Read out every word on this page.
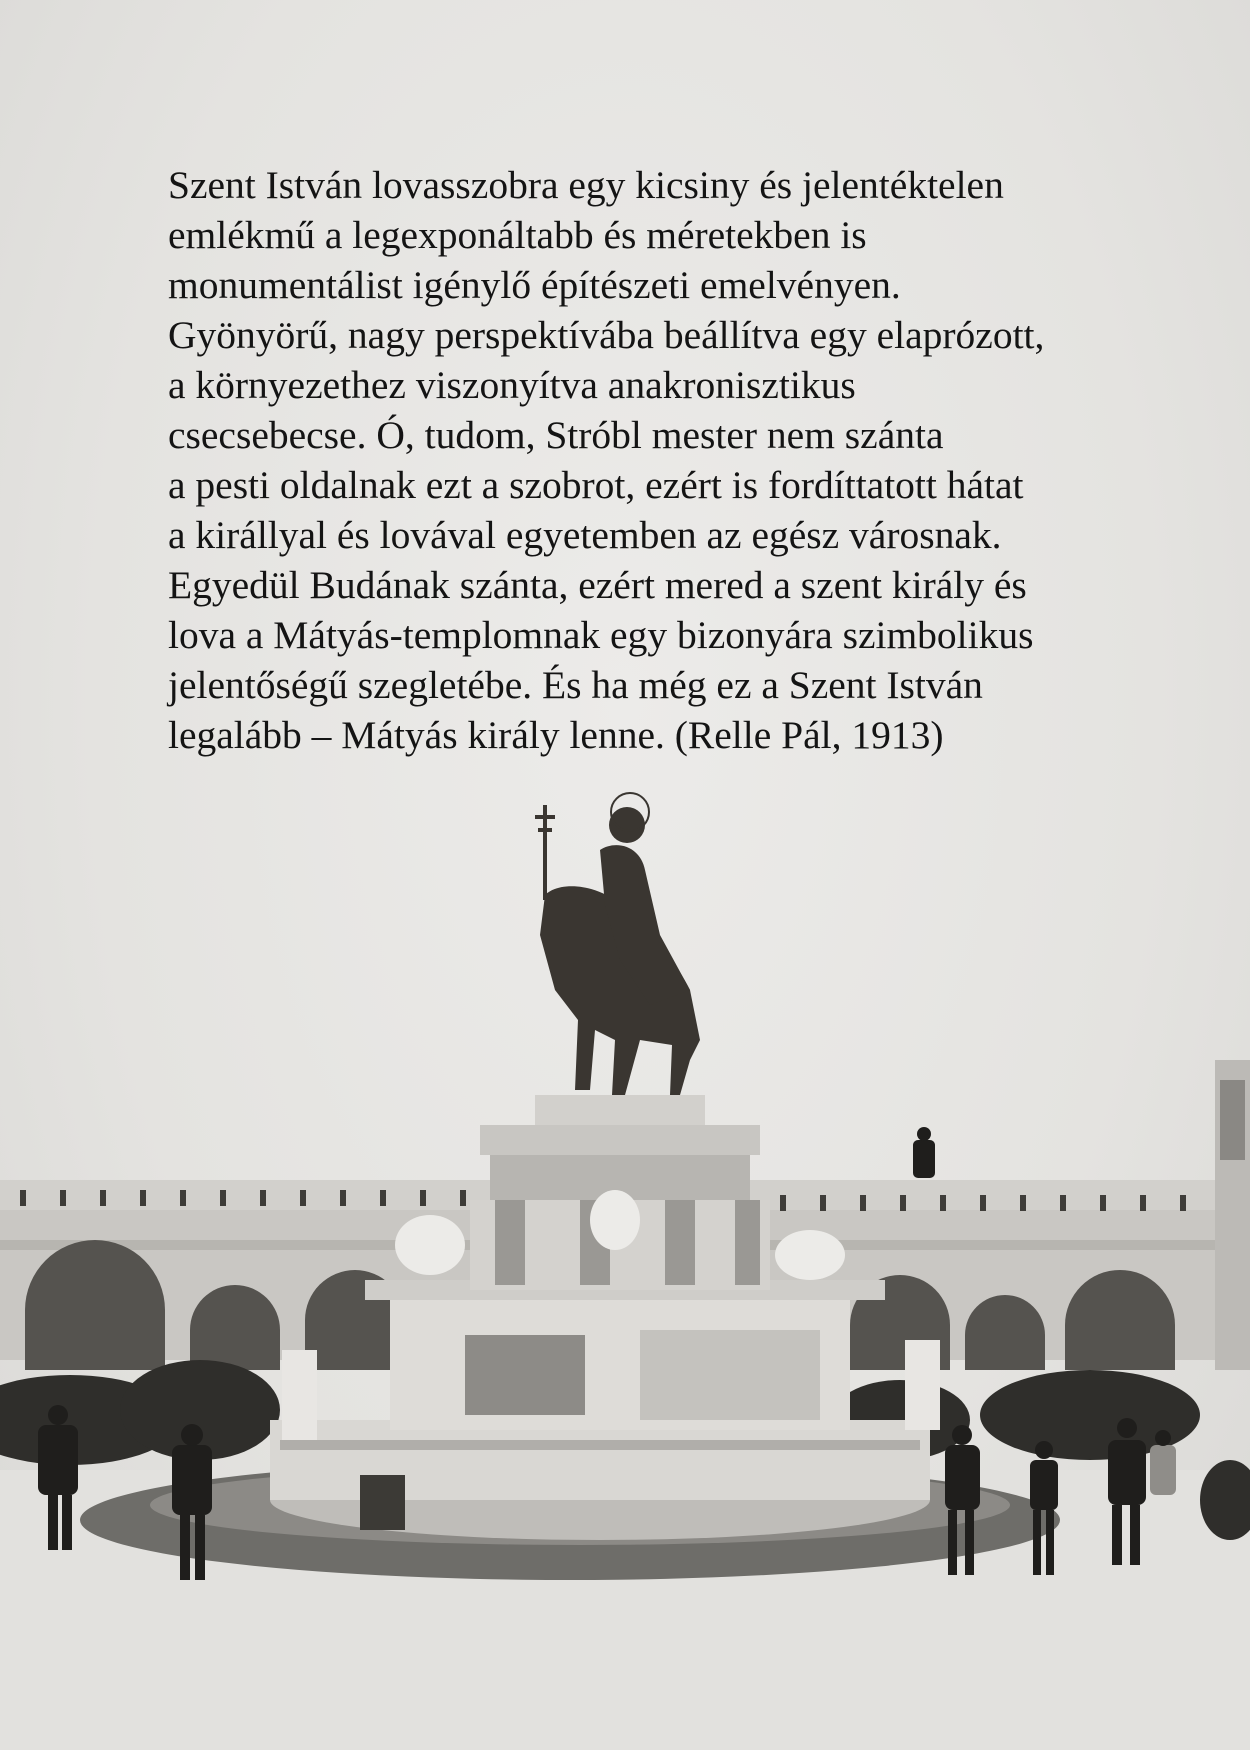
Szent István lovasszobra egy kicsiny és jelentéktelen
emlékmű a legexponáltabb és méretekben is
monumentálist igénylő építészeti emelvényen.
Gyönyörű, nagy perspektívába beállítva egy elaprózott,
a környezethez viszonyítva anakronisztikus
csecsebecse. Ó, tudom, Stróbl mester nem szánta
a pesti oldalnak ezt a szobrot, ezért is fordíttatott hátat
a királlyal és lovával egyetemben az egész városnak.
Egyedül Budának szánta, ezért mered a szent király és
lova a Mátyás-templomnak egy bizonyára szimbolikus
jelentőségű szegletébe. És ha még ez a Szent István
legalább – Mátyás király lenne. (Relle Pál, 1913)
